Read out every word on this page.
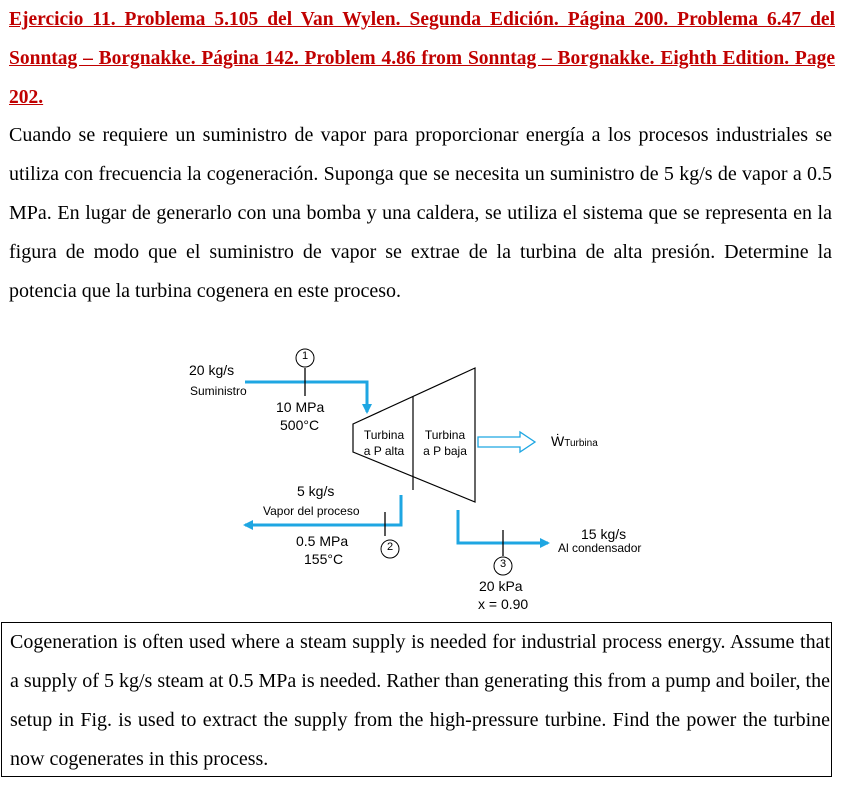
Ejercicio 11. Problema 5.105 del Van Wylen. Segunda Edición. Página 200. Problema 6.47 del Sonntag – Borgnakke. Página 142. Problem 4.86 from Sonntag – Borgnakke. Eighth Edition. Page 202.
Cuando se requiere un suministro de vapor para proporcionar energía a los procesos industriales se utiliza con frecuencia la cogeneración. Suponga que se necesita un suministro de 5 kg/s de vapor a 0.5 MPa. En lugar de generarlo con una bomba y una caldera, se utiliza el sistema que se representa en la figura de modo que el suministro de vapor se extrae de la turbina de alta presión. Determine la potencia que la turbina cogenera en este proceso.
1
2
3
20 kg/s
Suministro
10 MPa
500°C
Turbina
a P alta
Turbina
a P baja
ẆTurbina
5 kg/s
Vapor del proceso
0.5 MPa
155°C
15 kg/s
Al condensador
20 kPa
x = 0.90
Cogeneration is often used where a steam supply is needed for industrial process energy. Assume that a supply of 5 kg/s steam at 0.5 MPa is needed. Rather than generating this from a pump and boiler, the setup in Fig. is used to extract the supply from the high-pressure turbine. Find the power the turbine now cogenerates in this process.
